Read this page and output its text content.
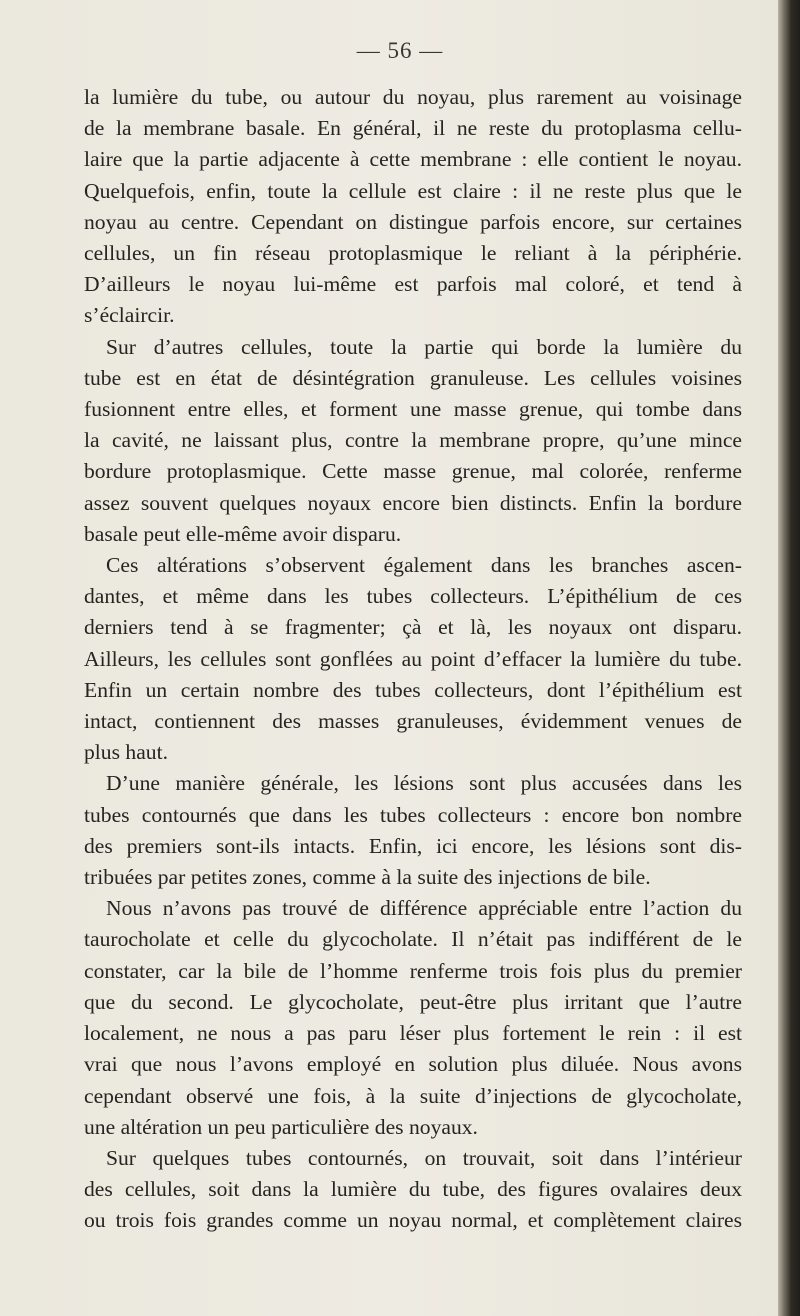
— 56 —

la lumière du tube, ou autour du noyau, plus rarement au voisinage
de la membrane basale. En général, il ne reste du protoplasma cellu-
laire que la partie adjacente à cette membrane : elle contient le noyau.
Quelquefois, enfin, toute la cellule est claire : il ne reste plus que le
noyau au centre. Cependant on distingue parfois encore, sur certaines
cellules, un fin réseau protoplasmique le reliant à la périphérie.
D’ailleurs le noyau lui-même est parfois mal coloré, et tend à
s’éclaircir.

Sur d’autres cellules, toute la partie qui borde la lumière du
tube est en état de désintégration granuleuse. Les cellules voisines
fusionnent entre elles, et forment une masse grenue, qui tombe dans
la cavité, ne laissant plus, contre la membrane propre, qu’une mince
bordure protoplasmique. Cette masse grenue, mal colorée, renferme
assez souvent quelques noyaux encore bien distincts. Enfin la bordure
basale peut elle-même avoir disparu.

Ces altérations s’observent également dans les branches ascen-
dantes, et même dans les tubes collecteurs. L’épithélium de ces
derniers tend à se fragmenter; çà et là, les noyaux ont disparu.
Ailleurs, les cellules sont gonflées au point d’effacer la lumière du tube.
Enfin un certain nombre des tubes collecteurs, dont l’épithélium est
intact, contiennent des masses granuleuses, évidemment venues de
plus haut.

D’une manière générale, les lésions sont plus accusées dans les
tubes contournés que dans les tubes collecteurs : encore bon nombre
des premiers sont-ils intacts. Enfin, ici encore, les lésions sont dis-
tribuées par petites zones, comme à la suite des injections de bile.

Nous n’avons pas trouvé de différence appréciable entre l’action du
taurocholate et celle du glycocholate. Il n’était pas indifférent de le
constater, car la bile de l’homme renferme trois fois plus du premier
que du second. Le glycocholate, peut-être plus irritant que l’autre
localement, ne nous a pas paru léser plus fortement le rein : il est
vrai que nous l’avons employé en solution plus diluée. Nous avons
cependant observé une fois, à la suite d’injections de glycocholate,
une altération un peu particulière des noyaux.

Sur quelques tubes contournés, on trouvait, soit dans l’intérieur
des cellules, soit dans la lumière du tube, des figures ovalaires deux
ou trois fois grandes comme un noyau normal, et complètement claires
